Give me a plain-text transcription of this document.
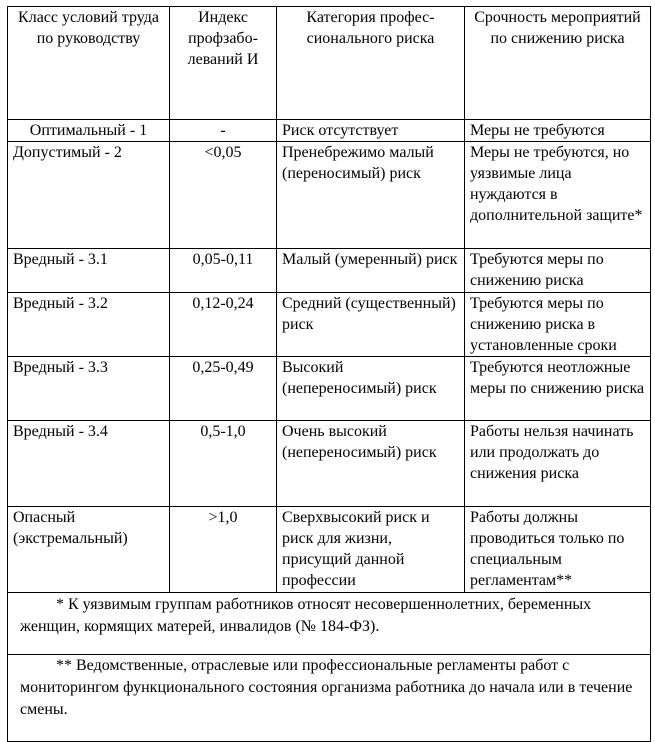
Класс условий труда по руководству	Индекс профзабо-леваний И	Категория профес-сионального риска	Срочность мероприятий по снижению риска
Оптимальный - 1	-	Риск отсутствует	Меры не требуются
Допустимый - 2	<0,05	Пренебрежимо малый (переносимый) риск	Меры не требуются, но уязвимые лица нуждаются в дополнительной защите*
Вредный - 3.1	0,05-0,11	Малый (умеренный) риск	Требуются меры по снижению риска
Вредный - 3.2	0,12-0,24	Средний (существенный) риск	Требуются меры по снижению риска в установленные сроки
Вредный - 3.3	0,25-0,49	Высокий (непереносимый) риск	Требуются неотложные меры по снижению риска
Вредный - 3.4	0,5-1,0	Очень высокий (непереносимый) риск	Работы нельзя начинать или продолжать до снижения риска
Опасный (экстремальный)	>1,0	Сверхвысокий риск и риск для жизни, присущий данной профессии	Работы должны проводиться только по специальным регламентам**
* К уязвимым группам работников относят несовершеннолетних, беременных женщин, кормящих матерей, инвалидов (№ 184-ФЗ).			
** Ведомственные, отраслевые или профессиональные регламенты работ с мониторингом функционального состояния организма работника до начала или в течение смены.			
